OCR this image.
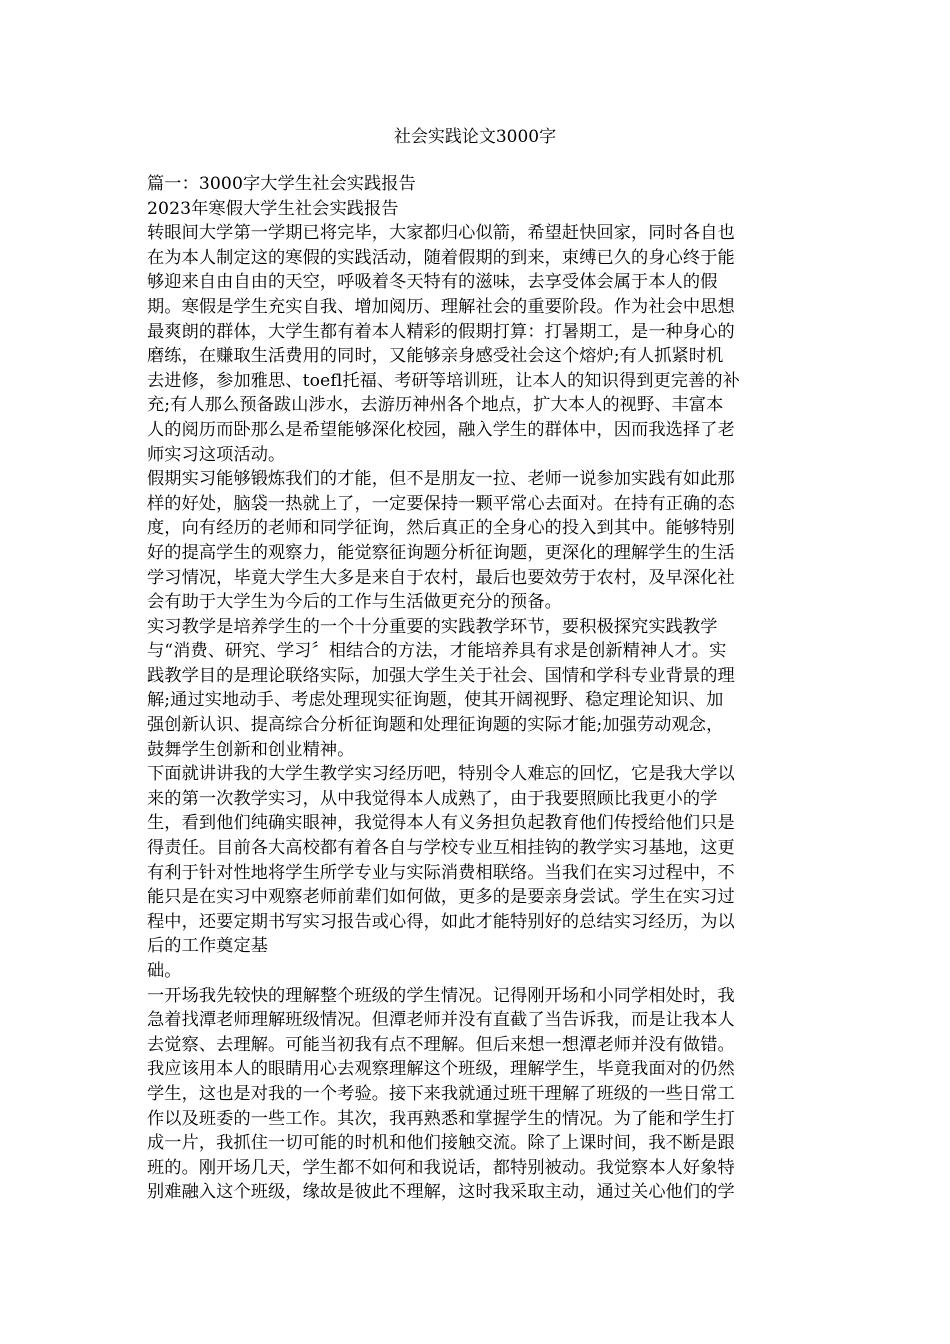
社会实践论文3000字
篇一：3000字大学生社会实践报告
2023年寒假大学生社会实践报告
转眼间大学第一学期已将完毕，大家都归心似箭，希望赶快回家，同时各自也
在为本人制定这的寒假的实践活动，随着假期的到来，束缚已久的身心终于能
够迎来自由自由的天空，呼吸着冬天特有的滋味，去享受体会属于本人的假
期。寒假是学生充实自我、增加阅历、理解社会的重要阶段。作为社会中思想
最爽朗的群体，大学生都有着本人精彩的假期打算：打暑期工，是一种身心的
磨练，在赚取生活费用的同时，又能够亲身感受社会这个熔炉;有人抓紧时机
去进修，参加雅思、toefl托福、考研等培训班，让本人的知识得到更完善的补
充;有人那么预备跋山涉水，去游历神州各个地点，扩大本人的视野、丰富本
人的阅历而卧那么是希望能够深化校园，融入学生的群体中，因而我选择了老
师实习这项活动。
假期实习能够锻炼我们的才能，但不是朋友一拉、老师一说参加实践有如此那
样的好处，脑袋一热就上了，一定要保持一颗平常心去面对。在持有正确的态
度，向有经历的老师和同学征询，然后真正的全身心的投入到其中。能够特别
好的提高学生的观察力，能觉察征询题分析征询题，更深化的理解学生的生活
学习情况，毕竟大学生大多是来自于农村，最后也要效劳于农村，及早深化社
会有助于大学生为今后的工作与生活做更充分的预备。
实习教学是培养学生的一个十分重要的实践教学环节，要积极探究实践教学
与“消费、研究、学习〞相结合的方法，才能培养具有求是创新精神人才。实
践教学目的是理论联络实际，加强大学生关于社会、国情和学科专业背景的理
解;通过实地动手、考虑处理现实征询题，使其开阔视野、稳定理论知识、加
强创新认识、提高综合分析征询题和处理征询题的实际才能;加强劳动观念，
鼓舞学生创新和创业精神。
下面就讲讲我的大学生教学实习经历吧，特别令人难忘的回忆，它是我大学以
来的第一次教学实习，从中我觉得本人成熟了，由于我要照顾比我更小的学
生，看到他们纯确实眼神，我觉得本人有义务担负起教育他们传授给他们只是
得责任。目前各大高校都有着各自与学校专业互相挂钩的教学实习基地，这更
有利于针对性地将学生所学专业与实际消费相联络。当我们在实习过程中，不
能只是在实习中观察老师前辈们如何做，更多的是要亲身尝试。学生在实习过
程中，还要定期书写实习报告或心得，如此才能特别好的总结实习经历，为以
后的工作奠定基
础。
一开场我先较快的理解整个班级的学生情况。记得刚开场和小同学相处时，我
急着找潭老师理解班级情况。但潭老师并没有直截了当告诉我，而是让我本人
去觉察、去理解。可能当初我有点不理解。但后来想一想潭老师并没有做错。
我应该用本人的眼睛用心去观察理解这个班级，理解学生，毕竟我面对的仍然
学生，这也是对我的一个考验。接下来我就通过班干理解了班级的一些日常工
作以及班委的一些工作。其次，我再熟悉和掌握学生的情况。为了能和学生打
成一片，我抓住一切可能的时机和他们接触交流。除了上课时间，我不断是跟
班的。刚开场几天，学生都不如何和我说话，都特别被动。我觉察本人好象特
别难融入这个班级，缘故是彼此不理解，这时我采取主动，通过关心他们的学
